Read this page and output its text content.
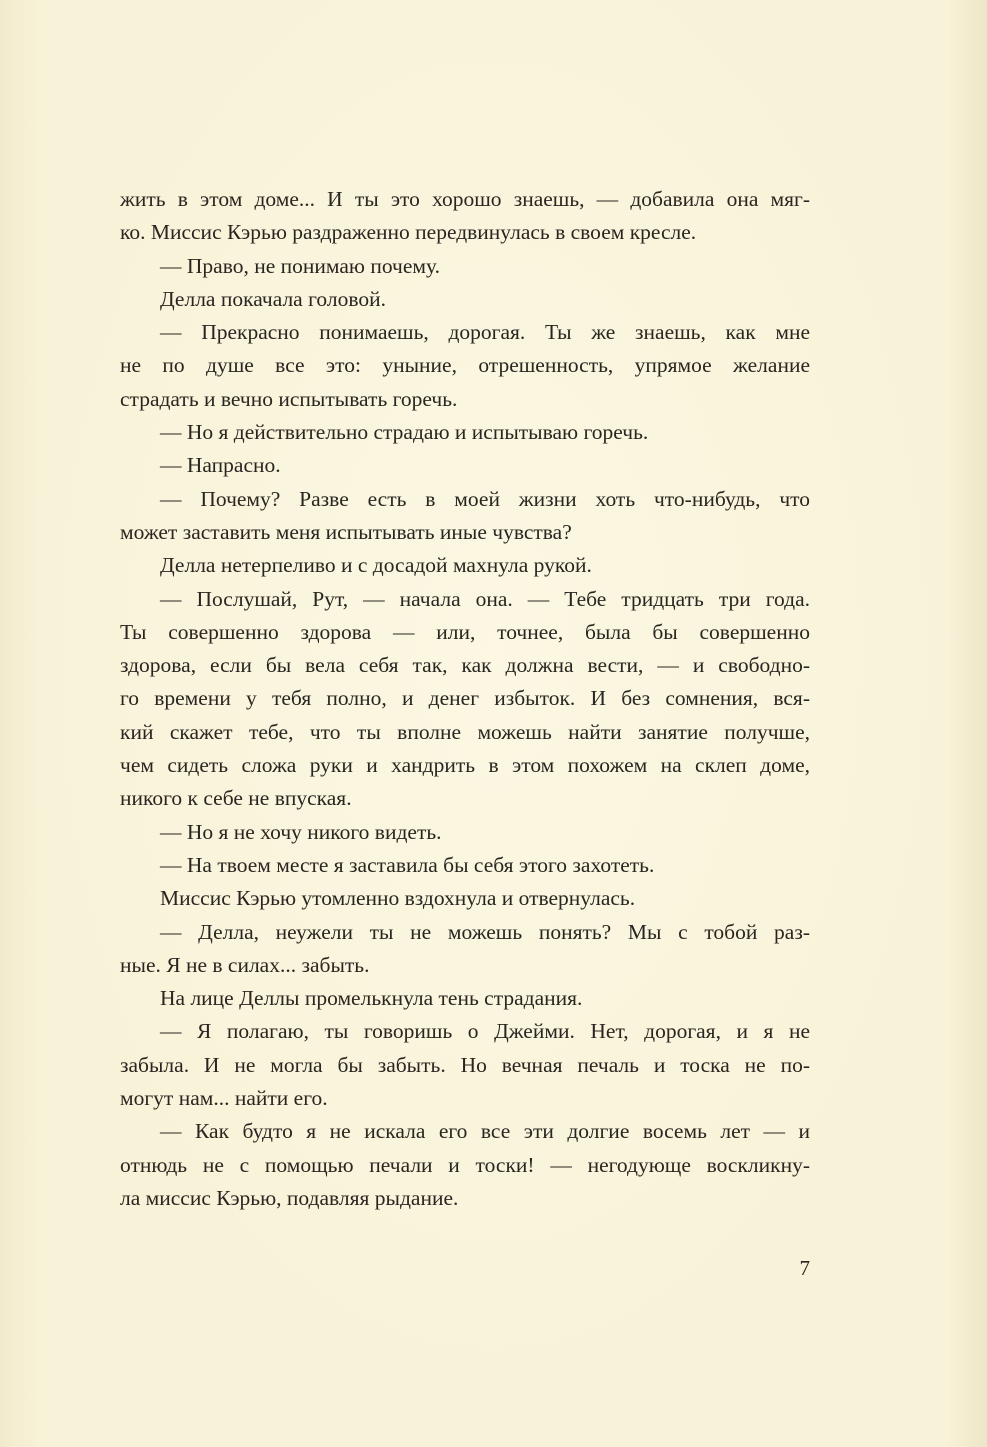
жить в этом доме... И ты это хорошо знаешь, — добавила она мяг-
ко. Миссис Кэрью раздраженно передвинулась в своем кресле.
— Право, не понимаю почему.
Делла покачала головой.
— Прекрасно понимаешь, дорогая. Ты же знаешь, как мне
не по душе все это: уныние, отрешенность, упрямое желание
страдать и вечно испытывать горечь.
— Но я действительно страдаю и испытываю горечь.
— Напрасно.
— Почему? Разве есть в моей жизни хоть что-нибудь, что
может заставить меня испытывать иные чувства?
Делла нетерпеливо и с досадой махнула рукой.
— Послушай, Рут, — начала она. — Тебе тридцать три года.
Ты совершенно здорова — или, точнее, была бы совершенно
здорова, если бы вела себя так, как должна вести, — и свободно-
го времени у тебя полно, и денег избыток. И без сомнения, вся-
кий скажет тебе, что ты вполне можешь найти занятие получше,
чем сидеть сложа руки и хандрить в этом похожем на склеп доме,
никого к себе не впуская.
— Но я не хочу никого видеть.
— На твоем месте я заставила бы себя этого захотеть.
Миссис Кэрью утомленно вздохнула и отвернулась.
— Делла, неужели ты не можешь понять? Мы с тобой раз-
ные. Я не в силах... забыть.
На лице Деллы промелькнула тень страдания.
— Я полагаю, ты говоришь о Джейми. Нет, дорогая, и я не
забыла. И не могла бы забыть. Но вечная печаль и тоска не по-
могут нам... найти его.
— Как будто я не искала его все эти долгие восемь лет — и
отнюдь не с помощью печали и тоски! — негодующе воскликну-
ла миссис Кэрью, подавляя рыдание.
7
